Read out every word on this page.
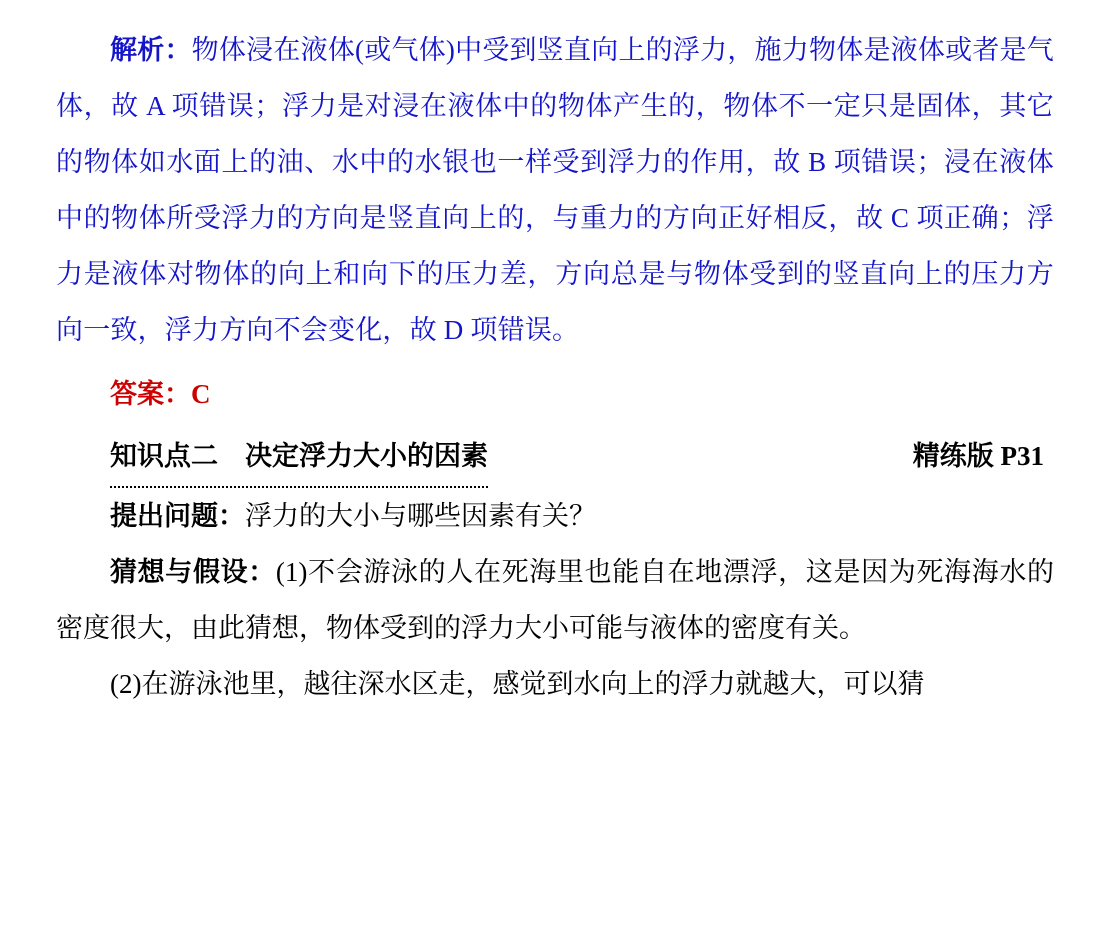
解析：物体浸在液体(或气体)中受到竖直向上的浮力，施力物体是液体或者是气体，故 A 项错误；浮力是对浸在液体中的物体产生的，物体不一定只是固体，其它的物体如水面上的油、水中的水银也一样受到浮力的作用，故 B 项错误；浸在液体中的物体所受浮力的方向是竖直向上的，与重力的方向正好相反，故 C 项正确；浮力是液体对物体的向上和向下的压力差，方向总是与物体受到的竖直向上的压力方向一致，浮力方向不会变化，故 D 项错误。

答案：C

知识点二　决定浮力大小的因素	精练版 P31

提出问题：浮力的大小与哪些因素有关？

猜想与假设：(1)不会游泳的人在死海里也能自在地漂浮，这是因为死海海水的密度很大，由此猜想，物体受到的浮力大小可能与液体的密度有关。

(2)在游泳池里，越往深水区走，感觉到水向上的浮力就越大，可以猜
